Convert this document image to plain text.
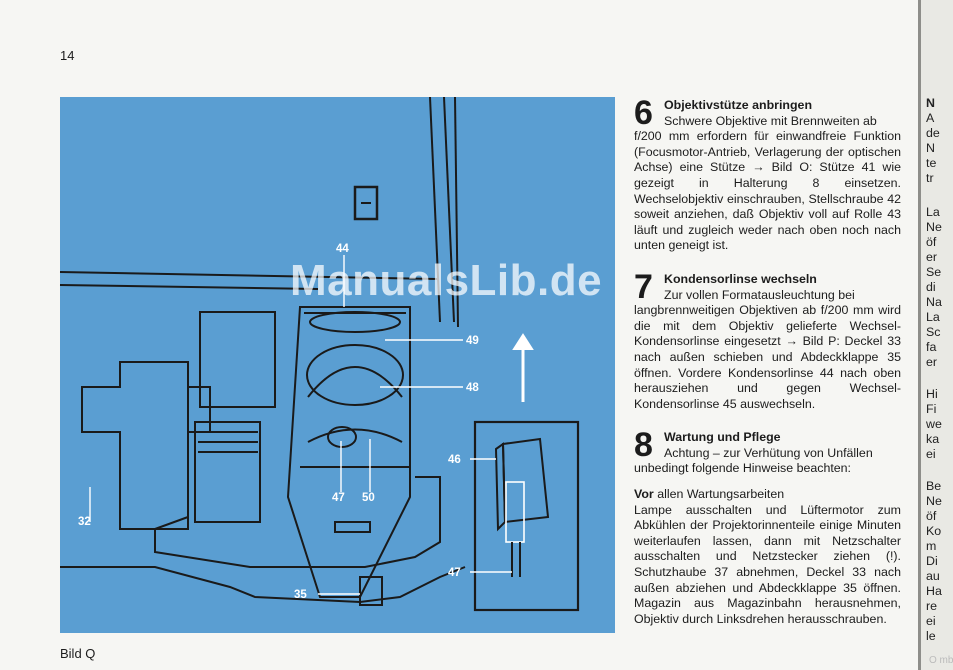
14
44
49
48
46
47 50
32
35
47
ManualsLib.de
Bild Q
6 Objektivstütze anbringen
Schwere Objektive mit Brennweiten ab

f/200 mm erfordern für einwandfreie Funktion (Focusmotor-Antrieb, Verlagerung der optischen Achse) eine Stütze → Bild O: Stütze 41 wie gezeigt in Halterung 8 einsetzen. Wechselobjektiv einschrauben, Stellschraube 42 soweit anziehen, daß Objektiv voll auf Rolle 43 läuft und zugleich weder nach oben noch nach unten geneigt ist.

7 Kondensorlinse wechseln
Zur vollen Formatausleuchtung bei

langbrennweitigen Objektiven ab f/200 mm wird die mit dem Objektiv gelieferte Wechsel-Kondensorlinse eingesetzt → Bild P: Deckel 33 nach außen schieben und Abdeckklappe 35 öffnen. Vordere Kondensorlinse 44 nach oben herausziehen und gegen Wechsel-Kondensorlinse 45 auswechseln.

8 Wartung und Pflege
Achtung – zur Verhütung von Unfällen

unbedingt folgende Hinweise beachten:

Vor allen Wartungsarbeiten

Lampe ausschalten und Lüftermotor zum Abkühlen der Projektorinnenteile einige Minuten weiterlaufen lassen, dann mit Netzschalter ausschalten und Netzstecker ziehen (!). Schutzhaube 37 abnehmen, Deckel 33 nach außen abziehen und Abdeckklappe 35 öffnen. Magazin aus Magazinbahn herausnehmen, Objektiv durch Linksdrehen herausschrauben.

N
A
de
N
te
tr
La
Ne
öf
er
Se
di
Na
La
Sc
fa
er
Hi
Fi
we
ka
ei
Be
Ne
öf
Ko
m
Di
au
Ha
re
ei
le
O mb
